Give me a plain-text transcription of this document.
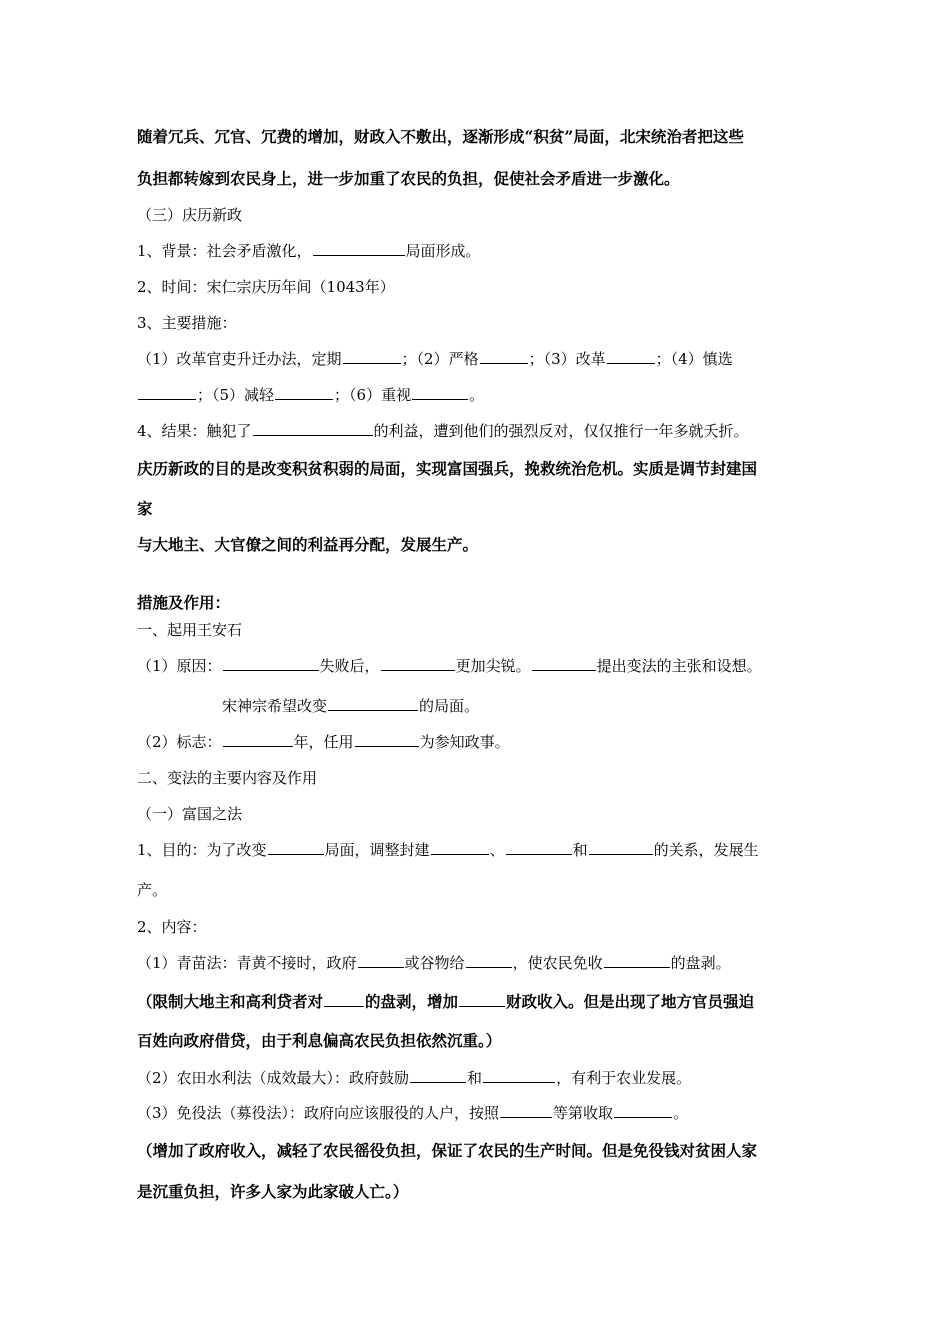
随着冗兵、冗官、冗费的增加，财政入不敷出，逐渐形成“积贫”局面，北宋统治者把这些
负担都转嫁到农民身上，进一步加重了农民的负担，促使社会矛盾进一步激化。
（三）庆历新政
1、背景：社会矛盾激化，	局面形成。
2、时间：宋仁宗庆历年间（1043年）
3、主要措施：
（1）改革官吏升迁办法，定期	；（2）严格	；（3）改革	；（4）慎选
；（5）减轻	；（6）重视	。
4、结果：触犯了	的利益，遭到他们的强烈反对，仅仅推行一年多就夭折。
庆历新政的目的是改变积贫积弱的局面，实现富国强兵，挽救统治危机。实质是调节封建国
家
与大地主、大官僚之间的利益再分配，发展生产。
措施及作用：
一、起用王安石
（1）原因：	失败后，	更加尖锐。	提出变法的主张和设想。
宋神宗希望改变	的局面。
（2）标志：	年，任用	为参知政事。
二、变法的主要内容及作用
（一）富国之法
1、目的：为了改变	局面，调整封建	、	和	的关系，发展生
产。
2、内容：
（1）青苗法：青黄不接时，政府	或谷物给	，使农民免收	的盘剥。
（限制大地主和高利贷者对	的盘剥，增加	财政收入。但是出现了地方官员强迫
百姓向政府借贷，由于利息偏高农民负担依然沉重。）
（2）农田水利法（成效最大）：政府鼓励	和	，有利于农业发展。
（3）免役法（募役法）：政府向应该服役的人户，按照	等第收取	。
（增加了政府收入，减轻了农民徭役负担，保证了农民的生产时间。但是免役钱对贫困人家
是沉重负担，许多人家为此家破人亡。）
